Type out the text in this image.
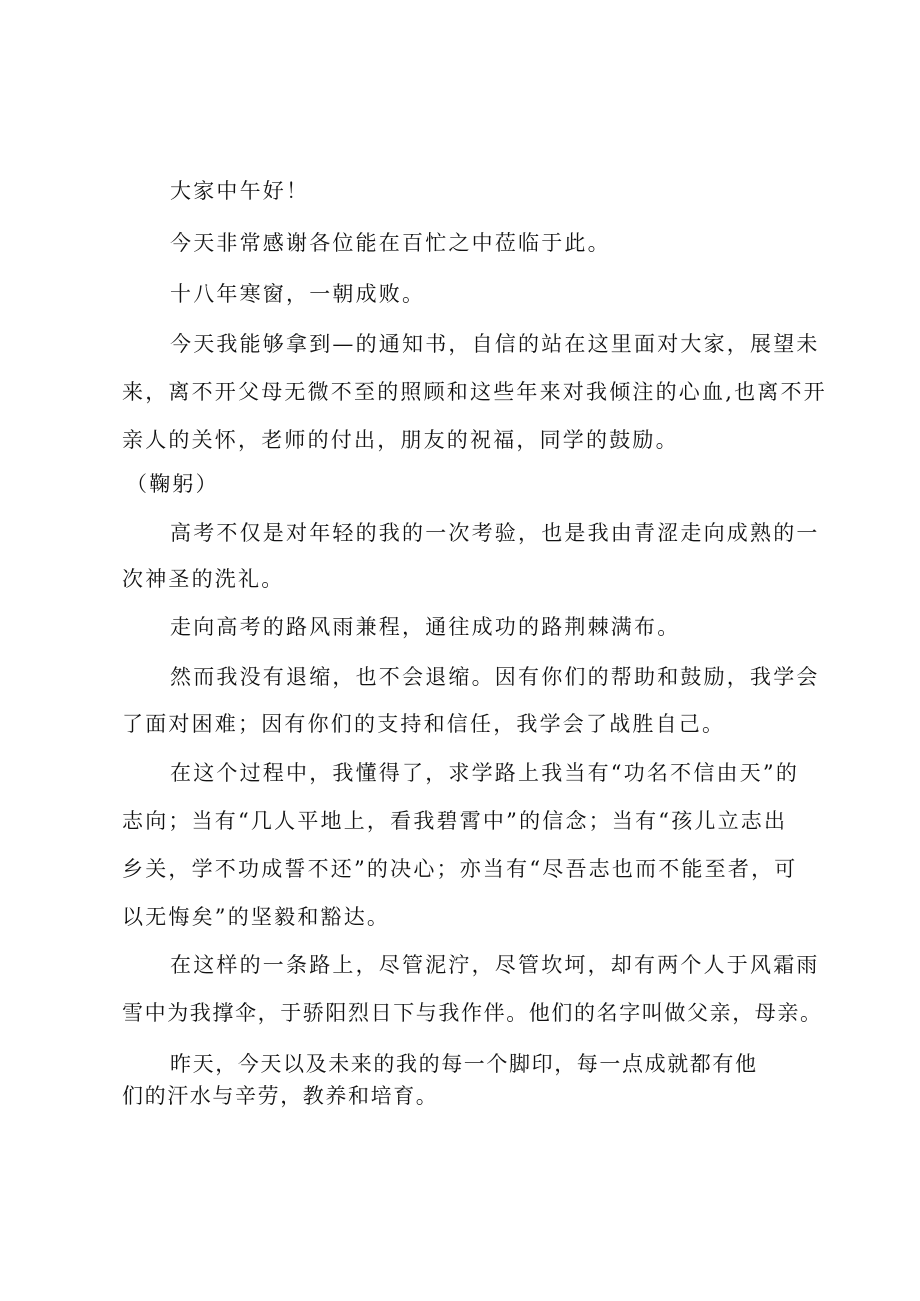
大家中午好！

今天非常感谢各位能在百忙之中莅临于此。

十八年寒窗，一朝成败。

今天我能够拿到—的通知书，自信的站在这里面对大家，展望未

来，离不开父母无微不至的照顾和这些年来对我倾注的心血,也离不开

亲人的关怀，老师的付出，朋友的祝福，同学的鼓励。

（鞠躬）

高考不仅是对年轻的我的一次考验，也是我由青涩走向成熟的一

次神圣的洗礼。

走向高考的路风雨兼程，通往成功的路荆棘满布。

然而我没有退缩，也不会退缩。因有你们的帮助和鼓励，我学会

了面对困难；因有你们的支持和信任，我学会了战胜自己。

在这个过程中，我懂得了，求学路上我当有“功名不信由天”的

志向；当有“几人平地上，看我碧霄中”的信念；当有“孩儿立志出

乡关，学不功成誓不还”的决心；亦当有“尽吾志也而不能至者，可

以无悔矣”的坚毅和豁达。

在这样的一条路上，尽管泥泞，尽管坎坷，却有两个人于风霜雨

雪中为我撑伞，于骄阳烈日下与我作伴。他们的名字叫做父亲，母亲。

昨天，今天以及未来的我的每一个脚印，每一点成就都有他

们的汗水与辛劳，教养和培育。
